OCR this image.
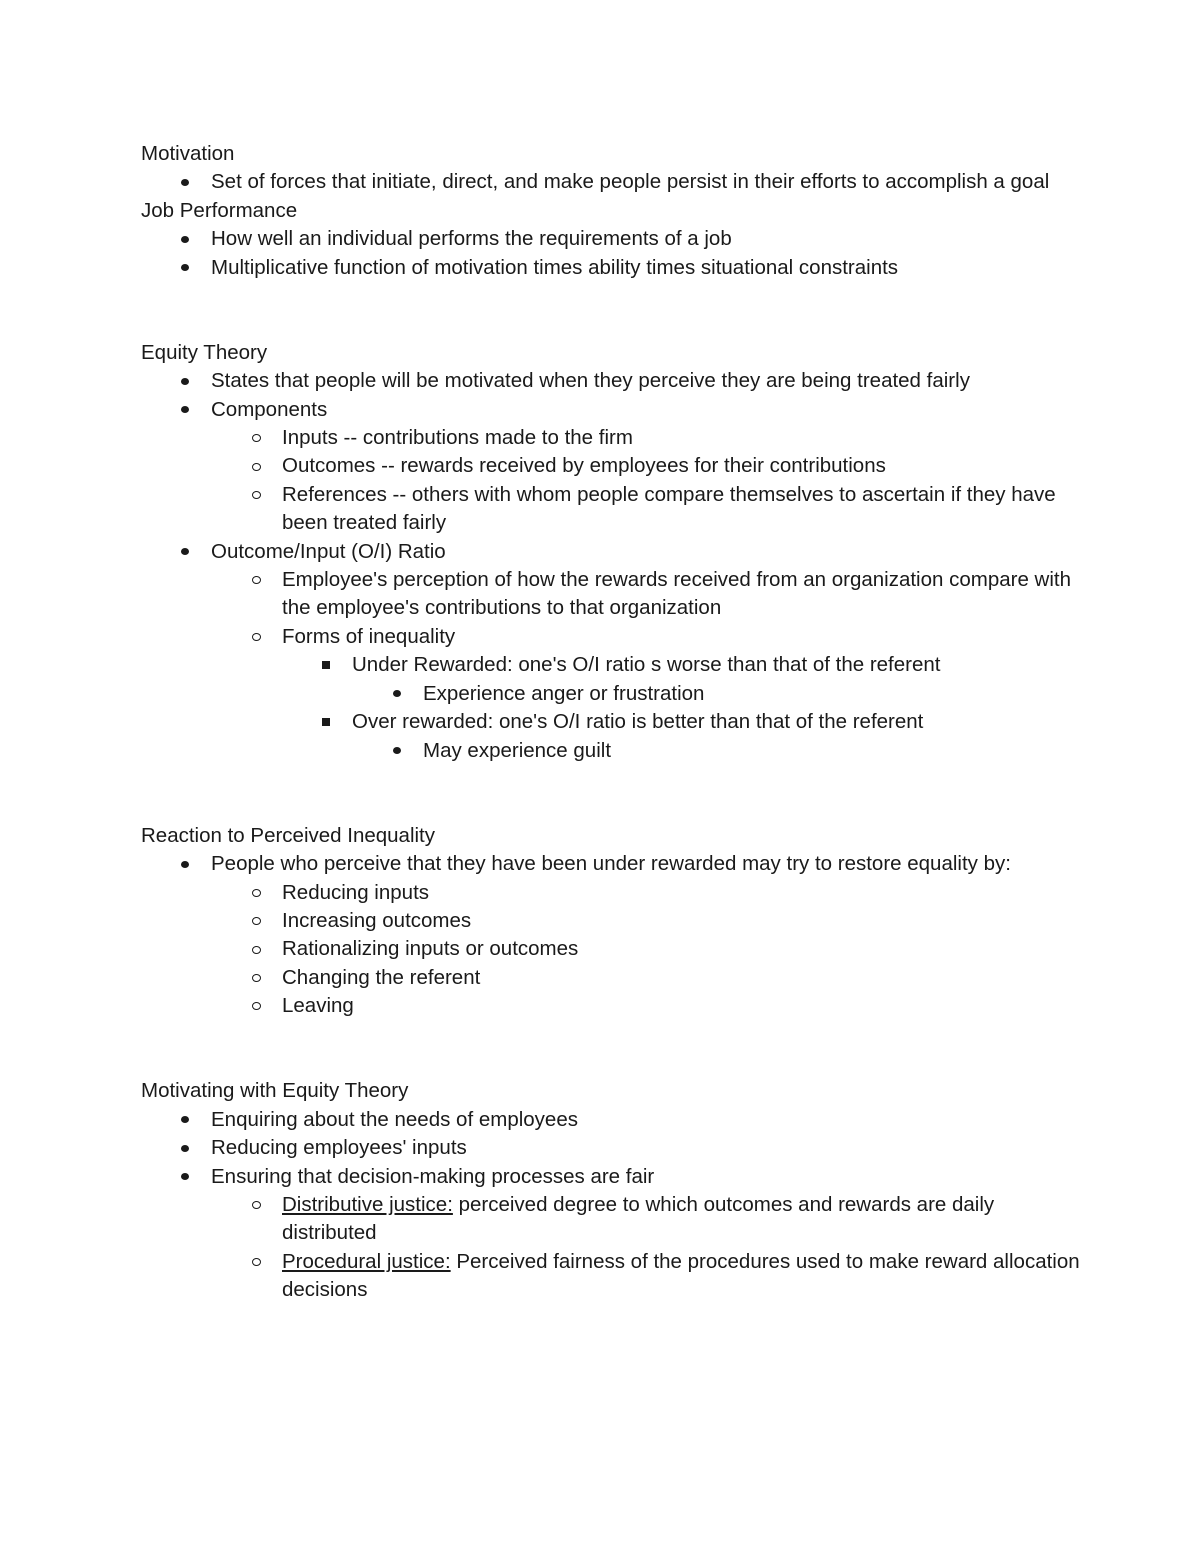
Motivation

Set of forces that initiate, direct, and make people persist in their efforts to accomplish a goal

Job Performance

How well an individual performs the requirements of a job
Multiplicative function of motivation times ability times situational constraints

Equity Theory

States that people will be motivated when they perceive they are being treated fairly
Components
Inputs -- contributions made to the firm
Outcomes -- rewards received by employees for their contributions
References -- others with whom people compare themselves to ascertain if they have been treated fairly
Outcome/Input (O/I) Ratio
Employee's perception of how the rewards received from an organization compare with the employee's contributions to that organization
Forms of inequality
Under Rewarded: one's O/I ratio s worse than that of the referent
Experience anger or frustration
Over rewarded: one's O/I ratio is better than that of the referent
May experience guilt

Reaction to Perceived Inequality

People who perceive that they have been under rewarded may try to restore equality by:
Reducing inputs
Increasing outcomes
Rationalizing inputs or outcomes
Changing the referent
Leaving

Motivating with Equity Theory

Enquiring about the needs of employees
Reducing employees' inputs
Ensuring that decision-making processes are fair
Distributive justice: perceived degree to which outcomes and rewards are daily distributed
Procedural justice: Perceived fairness of the procedures used to make reward allocation decisions
